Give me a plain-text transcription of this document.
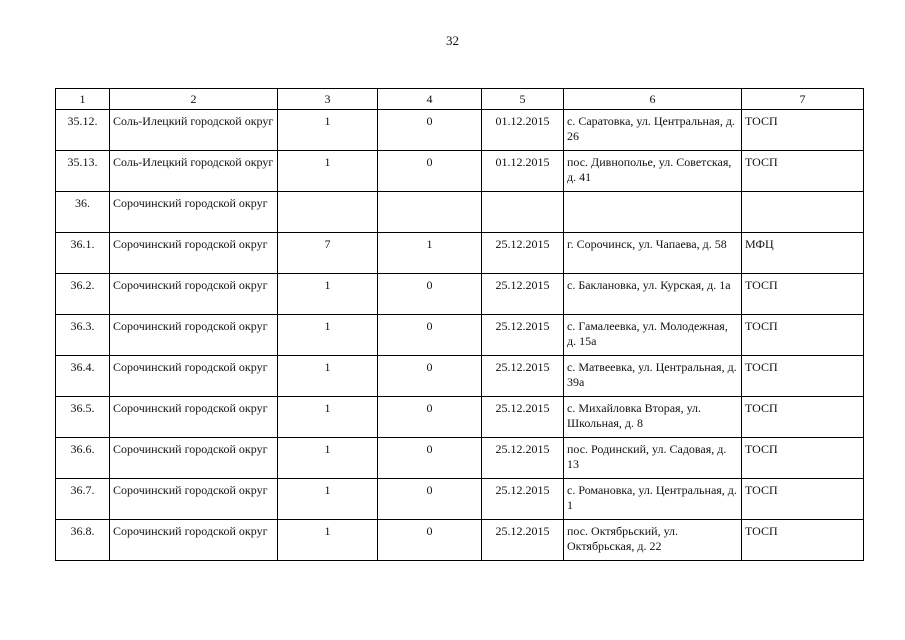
32
1	2	3	4	5	6	7
35.12.	Соль-Илецкий городской округ	1	0	01.12.2015	с. Саратовка, ул. Центральная, д. 26	ТОСП
35.13.	Соль-Илецкий городской округ	1	0	01.12.2015	пос. Дивнополье, ул. Советская, д. 41	ТОСП
36.	Сорочинский городской округ					
36.1.	Сорочинский городской округ	7	1	25.12.2015	г. Сорочинск, ул. Чапаева, д. 58	МФЦ
36.2.	Сорочинский городской округ	1	0	25.12.2015	с. Баклановка, ул. Курская, д. 1а	ТОСП
36.3.	Сорочинский городской округ	1	0	25.12.2015	с. Гамалеевка, ул. Молодежная, д. 15а	ТОСП
36.4.	Сорочинский городской округ	1	0	25.12.2015	с. Матвеевка, ул. Центральная, д. 39а	ТОСП
36.5.	Сорочинский городской округ	1	0	25.12.2015	с. Михайловка Вторая, ул. Школьная, д. 8	ТОСП
36.6.	Сорочинский городской округ	1	0	25.12.2015	пос. Родинский, ул. Садовая, д. 13	ТОСП
36.7.	Сорочинский городской округ	1	0	25.12.2015	с. Романовка, ул. Центральная, д. 1	ТОСП
36.8.	Сорочинский городской округ	1	0	25.12.2015	пос. Октябрьский, ул. Октябрьская, д. 22	ТОСП
